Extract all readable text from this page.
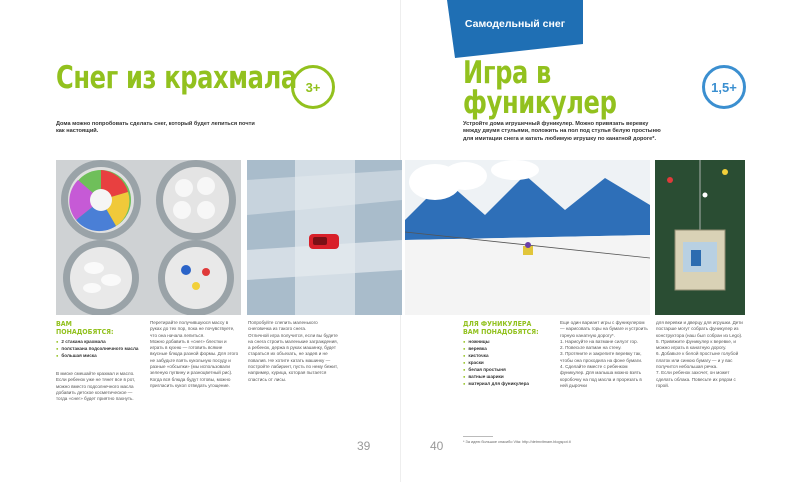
Самодельный снег
Снег из крахмала 3+
Дома можно попробовать сделать снег, который будет лепиться почти как настоящий.
ВАМ ПОНАДОБЯТСЯ:
● 2 стакана крахмала
● полстакана подсолнечного масла
● большая миска
В миске смешайте крахмал и масло.
Если ребенок уже не тянет все в рот, можно вместо подсолнечного масла добавить детское косметическое — тогда «снег» будет приятно пахнуть.
Перетирайте получившуюся массу в руках до тех пор, пока не почувствуете, что она начала лепиться.
Можно добавить в «снег» блестки и играть в кухню — готовить всякие вкусные блюда разной формы. Для этого не забудьте взять кукольную посуду и разные «обсыпки» (мы использовали зеленую пугвину и разноцветный рис). Когда вся блюда будут готовы, можно пригласить кукол отведать угощение.
Попробуйте слепить маленького снеговичка из такого снега.
Отличной игра получится, если вы будете на снега строить маленькие заграждения, а ребенок, держа в руках машинку, будет стараться их объехать, не задев и не повалив. Не хотите катать машинку — постройте лабиринт, пусть по нему бежит, например, курица, которая пытается спастись от лисы.
39
Игра в фуникулер	1,5+
Устройте дома игрушечный фуникулер. Можно привязать веревку между двумя стульями, положить на пол под стулья белую простыню для имитации снега и катать любимую игрушку по канатной дороге*.
ДЛЯ ФУНИКУЛЕРА ВАМ ПОНАДОБЯТСЯ:
● ножницы
● веревка
● кисточка
● краски
● белая простыня
● ватные шарики
● материал для фуникулера
Еще один вариант игры с фуникулером — нарисовать горы на бумаге и устроить горную канатную дорогу*.
1. Нарисуйте на ватмане силуэт гор.
2. Повесьте ватман на стену.
3. Протяните и закрепите веревку так, чтобы она проходила на фоне бумаги.
4. Сделайте вместе с ребенком фуникулер. Для малыша можно взять коробочку на под масла и прорезать в ней дырочки
для веревки и дверцу для игрушки. Дети постарше могут собрать фуникулер из конструктора (наш был собран из Lego).
5. Привяжите фуникулер к веревке, и можно играть в канатную дорогу.
6. Добавьте к белой простыне голубой платок или синюю бумагу — и у вас получится небольшая речка.
7. Если ребенок захочет, он может сделать облака. Повесьте их рядом с горой.
* За идею большое спасибо Vita: http://detmvitmam.blogspot.ti
40
